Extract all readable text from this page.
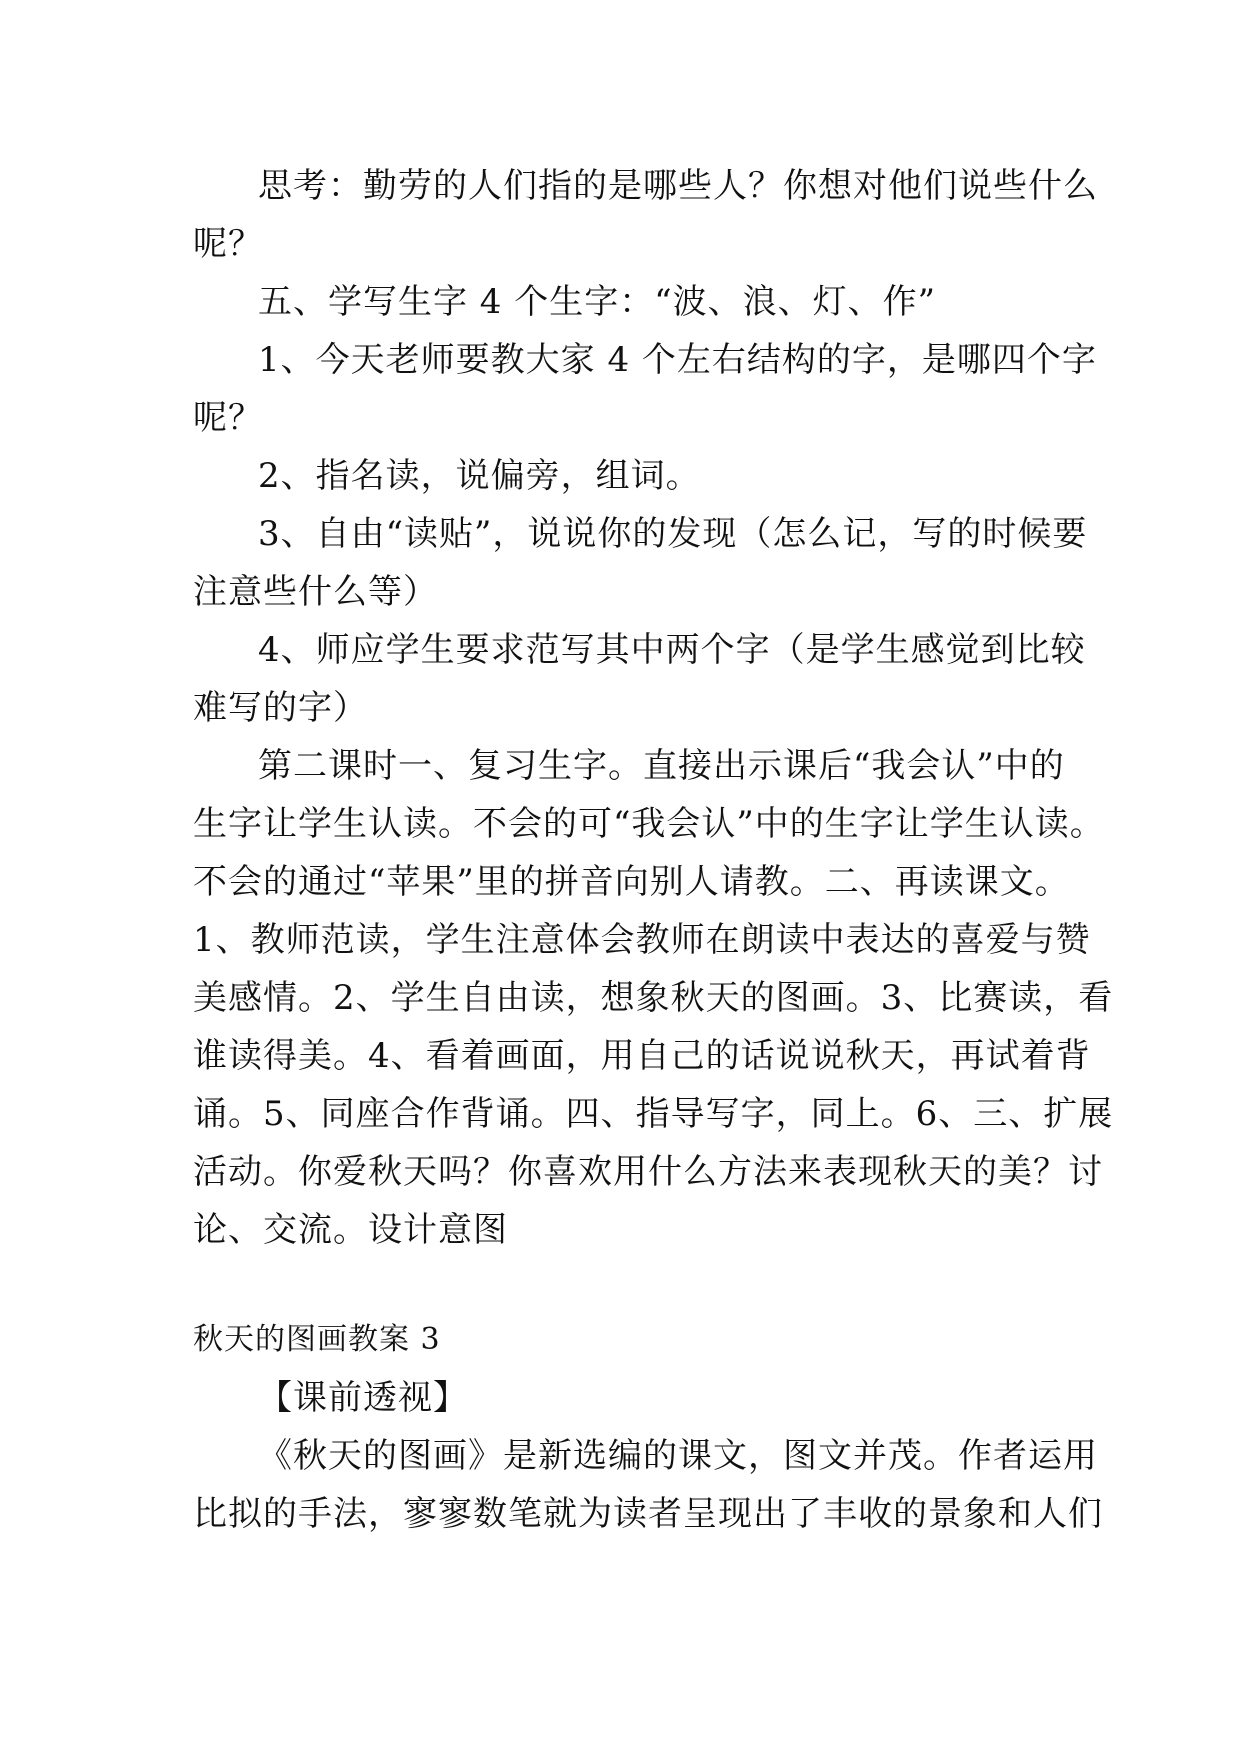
思考：勤劳的人们指的是哪些人？你想对他们说些什么
呢？
五、学写生字 4 个生字：“波、浪、灯、作”
1、今天老师要教大家 4 个左右结构的字，是哪四个字
呢？
2、指名读，说偏旁，组词。
3、自由“读贴”，说说你的发现（怎么记，写的时候要
注意些什么等）
4、师应学生要求范写其中两个字（是学生感觉到比较
难写的字）
第二课时一、复习生字。直接出示课后“我会认”中的
生字让学生认读。不会的可“我会认”中的生字让学生认读。
不会的通过“苹果”里的拼音向别人请教。二、再读课文。
1、教师范读，学生注意体会教师在朗读中表达的喜爱与赞
美感情。2、学生自由读，想象秋天的图画。3、比赛读，看
谁读得美。4、看着画面，用自己的话说说秋天，再试着背
诵。5、同座合作背诵。四、指导写字，同上。6、三、扩展
活动。你爱秋天吗？你喜欢用什么方法来表现秋天的美？讨
论、交流。设计意图
秋天的图画教案 3
【课前透视】
《秋天的图画》是新选编的课文，图文并茂。作者运用
比拟的手法，寥寥数笔就为读者呈现出了丰收的景象和人们
